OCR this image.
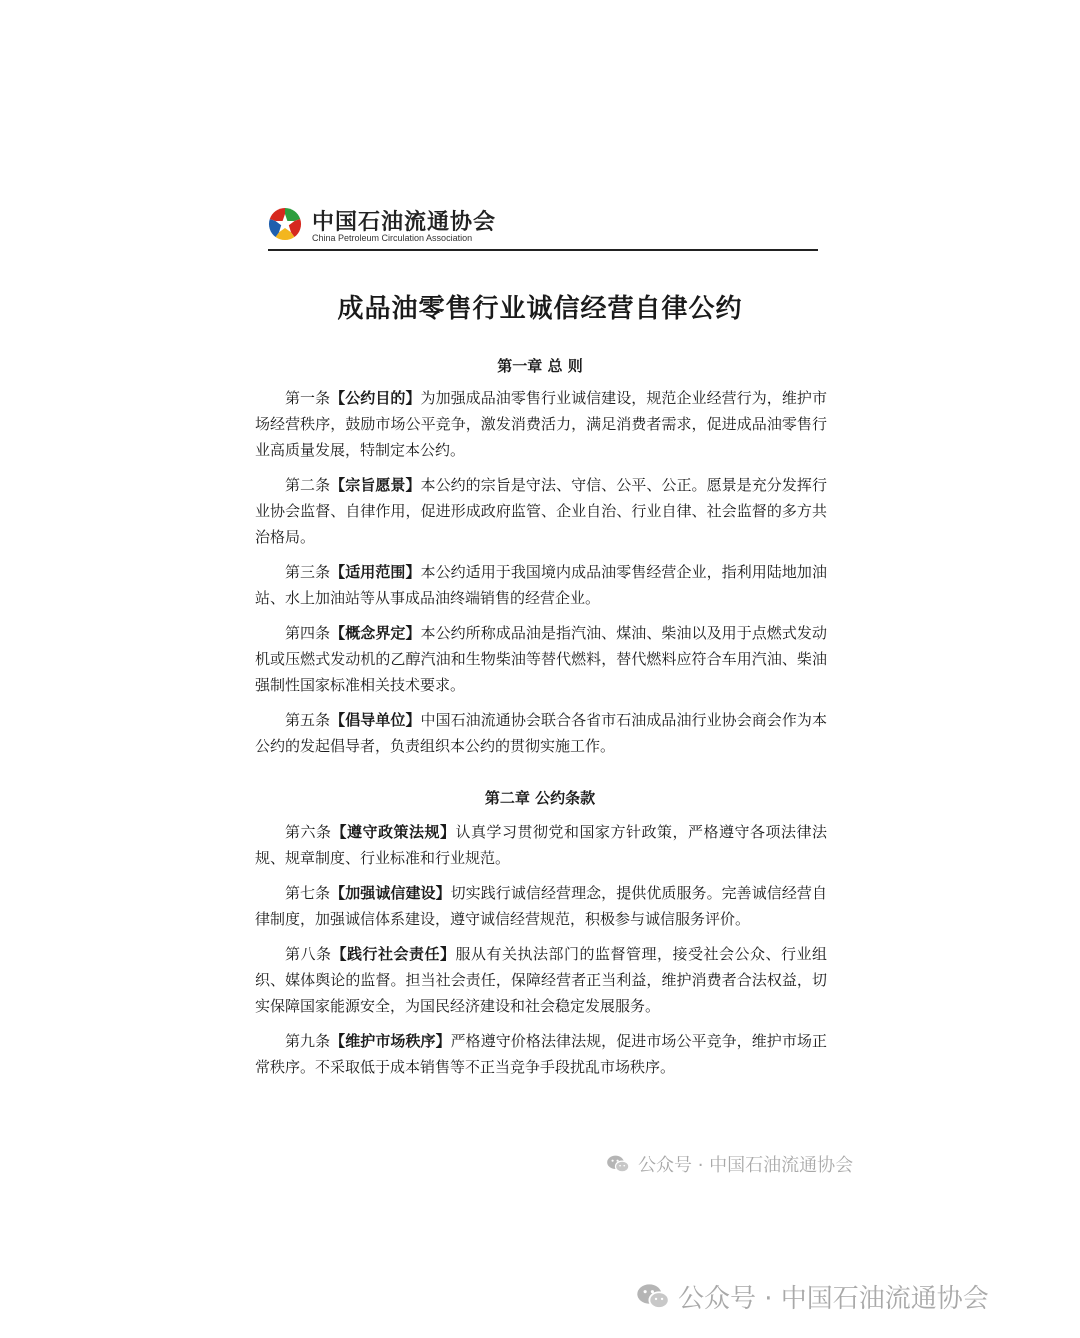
中国石油流通协会
China Petroleum Circulation Association
成品油零售行业诚信经营自律公约
第一章 总 则

第一条【公约目的】为加强成品油零售行业诚信建设，规范企业经营行为，维护市场经营秩序，鼓励市场公平竞争，激发消费活力，满足消费者需求，促进成品油零售行业高质量发展，特制定本公约。

第二条【宗旨愿景】本公约的宗旨是守法、守信、公平、公正。愿景是充分发挥行业协会监督、自律作用，促进形成政府监管、企业自治、行业自律、社会监督的多方共治格局。

第三条【适用范围】本公约适用于我国境内成品油零售经营企业，指利用陆地加油站、水上加油站等从事成品油终端销售的经营企业。

第四条【概念界定】本公约所称成品油是指汽油、煤油、柴油以及用于点燃式发动机或压燃式发动机的乙醇汽油和生物柴油等替代燃料，替代燃料应符合车用汽油、柴油强制性国家标准相关技术要求。

第五条【倡导单位】中国石油流通协会联合各省市石油成品油行业协会商会作为本公约的发起倡导者，负责组织本公约的贯彻实施工作。

第二章 公约条款

第六条【遵守政策法规】认真学习贯彻党和国家方针政策，严格遵守各项法律法规、规章制度、行业标准和行业规范。

第七条【加强诚信建设】切实践行诚信经营理念，提供优质服务。完善诚信经营自律制度，加强诚信体系建设，遵守诚信经营规范，积极参与诚信服务评价。

第八条【践行社会责任】服从有关执法部门的监督管理，接受社会公众、行业组织、媒体舆论的监督。担当社会责任，保障经营者正当利益，维护消费者合法权益，切实保障国家能源安全，为国民经济建设和社会稳定发展服务。

第九条【维护市场秩序】严格遵守价格法律法规，促进市场公平竞争，维护市场正常秩序。不采取低于成本销售等不正当竞争手段扰乱市场秩序。

公众号 · 中国石油流通协会
公众号 · 中国石油流通协会
